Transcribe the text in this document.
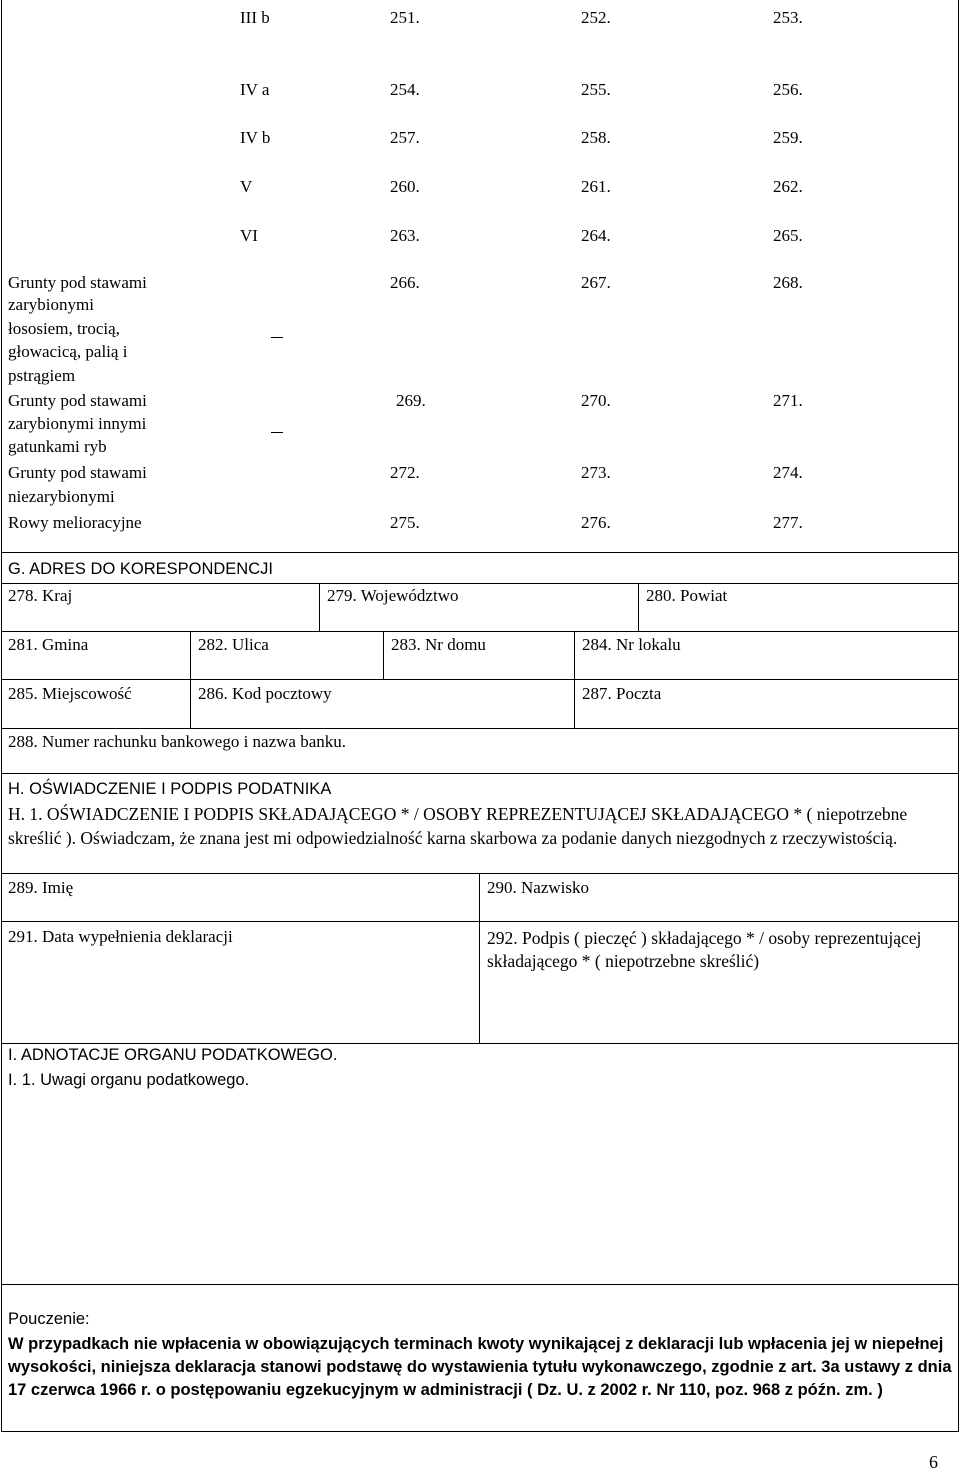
III b	251.	252.	253.
IV a	254.	255.	256.
IV b	257.	258.	259.
V	260.	261.	262.
VI	263.	264.	265.
Grunty pod stawami
zarybionymi
łososiem, trocią,
głowacicą, palią i
pstrągiem
266.	267.	268.
Grunty pod stawami
zarybionymi innymi
gatunkami ryb
269.	270.	271.
Grunty pod stawami
niezarybionymi
272.	273.	274.
Rowy melioracyjne	275.	276.	277.
G. ADRES DO KORESPONDENCJI
278. Kraj	279. Województwo	280. Powiat
281. Gmina	282. Ulica	283. Nr domu	284. Nr lokalu
285. Miejscowość	286. Kod pocztowy	287. Poczta
288. Numer rachunku bankowego i nazwa banku.
H. OŚWIADCZENIE I PODPIS PODATNIKA
H. 1. OŚWIADCZENIE I PODPIS SKŁADAJĄCEGO * / OSOBY REPREZENTUJĄCEJ SKŁADAJĄCEGO * ( niepotrzebne skreślić ). Oświadczam, że znana jest mi odpowiedzialność karna skarbowa za podanie danych niezgodnych z rzeczywistością.
289. Imię	290. Nazwisko
291. Data wypełnienia deklaracji	292. Podpis ( pieczęć ) składającego * / osoby reprezentującej składającego * ( niepotrzebne skreślić)
I. ADNOTACJE ORGANU PODATKOWEGO.
I. 1. Uwagi organu podatkowego.
Pouczenie:
W przypadkach nie wpłacenia w obowiązujących terminach kwoty wynikającej z deklaracji lub wpłacenia jej w niepełnej wysokości, niniejsza deklaracja stanowi podstawę do wystawienia tytułu wykonawczego, zgodnie z art. 3a ustawy z dnia 17 czerwca 1966 r. o postępowaniu egzekucyjnym w administracji ( Dz. U. z 2002 r. Nr 110, poz. 968 z późn. zm. )
6
